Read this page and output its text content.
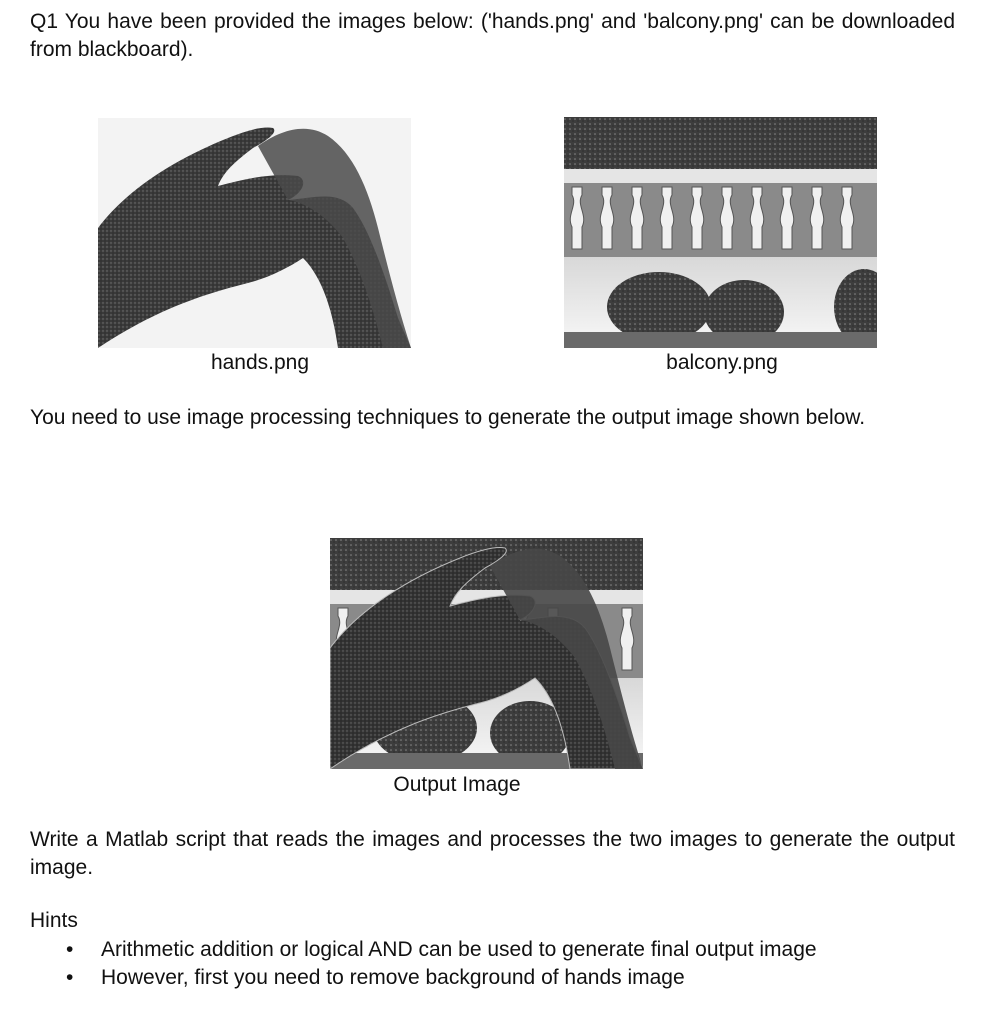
Q1 You have been provided the images below: ('hands.png' and 'balcony.png' can be downloaded from blackboard).
hands.png	balcony.png
You need to use image processing techniques to generate the output image shown below.
Output Image
Write a Matlab script that reads the images and processes the two images to generate the output image.
Hints
• Arithmetic addition or logical AND can be used to generate final output image
• However, first you need to remove background of hands image
